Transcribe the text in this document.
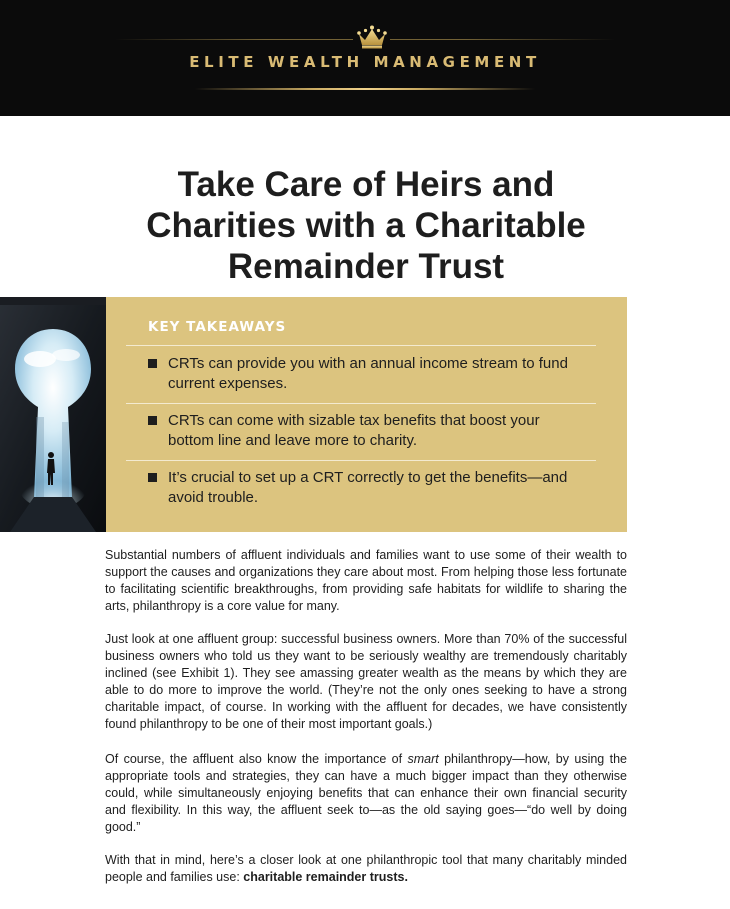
ELITE WEALTH MANAGEMENT
Take Care of Heirs and
Charities with a Charitable
Remainder Trust
KEY TAKEAWAYS
CRTs can provide you with an annual income stream to fund current expenses.
CRTs can come with sizable tax benefits that boost your bottom line and leave more to charity.
It’s crucial to set up a CRT correctly to get the benefits—and avoid trouble.

Substantial numbers of affluent individuals and families want to use some of their wealth to support the causes and organizations they care about most. From helping those less fortunate to facilitating scientific breakthroughs, from providing safe habitats for wildlife to sharing the arts, philanthropy is a core value for many.

Just look at one affluent group: successful business owners. More than 70% of the successful business owners who told us they want to be seriously wealthy are tremendously charitably inclined (see Exhibit 1). They see amassing greater wealth as the means by which they are able to do more to improve the world. (They’re not the only ones seeking to have a strong charitable impact, of course. In working with the affluent for decades, we have consistently found philanthropy to be one of their most important goals.)

Of course, the affluent also know the importance of smart philanthropy—how, by using the appropriate tools and strategies, they can have a much bigger impact than they otherwise could, while simultaneously enjoying benefits that can enhance their own financial security and flexibility. In this way, the affluent seek to—as the old saying goes—“do well by doing good.”

With that in mind, here’s a closer look at one philanthropic tool that many charitably minded people and families use: charitable remainder trusts.
